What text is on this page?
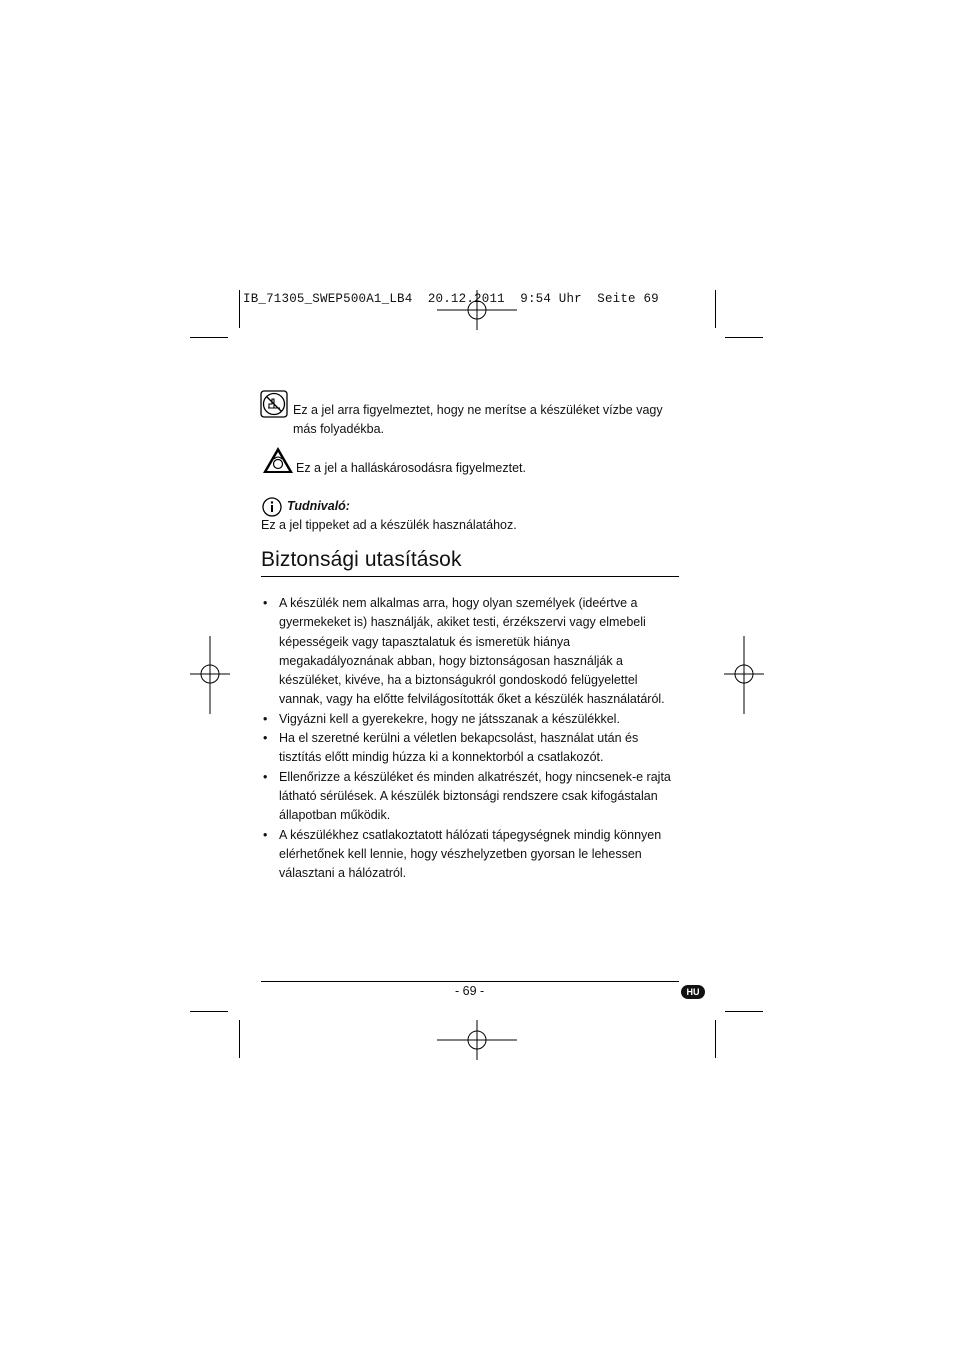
IB_71305_SWEP500A1_LB4  20.12.2011  9:54 Uhr  Seite 69
Ez a jel arra figyelmeztet, hogy ne merítse a készüléket vízbe vagy
más folyadékba.
Ez a jel a halláskárosodásra figyelmeztet.
Tudnivaló:
Ez a jel tippeket ad a készülék használatához.
Biztonsági utasítások
• A készülék nem alkalmas arra, hogy olyan személyek (ideértve a gyermekeket is) használják, akiket testi, érzékszervi vagy elmebeli képességeik vagy tapasztalatuk és ismeretük hiánya megakadályoznának abban, hogy biztonságosan használják a készüléket, kivéve, ha a biztonságukról gondoskodó felügyelettel vannak, vagy ha előtte felvilágosították őket a készülék használatáról.
• Vigyázni kell a gyerekekre, hogy ne játsszanak a készülékkel.
• Ha el szeretné kerülni a véletlen bekapcsolást, használat után és tisztítás előtt mindig húzza ki a konnektorból a csatlakozót.
• Ellenőrizze a készüléket és minden alkatrészét, hogy nincsenek-e rajta látható sérülések. A készülék biztonsági rendszere csak kifogástalan állapotban működik.
• A készülékhez csatlakoztatott hálózati tápegységnek mindig könnyen elérhetőnek kell lennie, hogy vészhelyzetben gyorsan le lehessen választani a hálózatról.
- 69 -	HU
